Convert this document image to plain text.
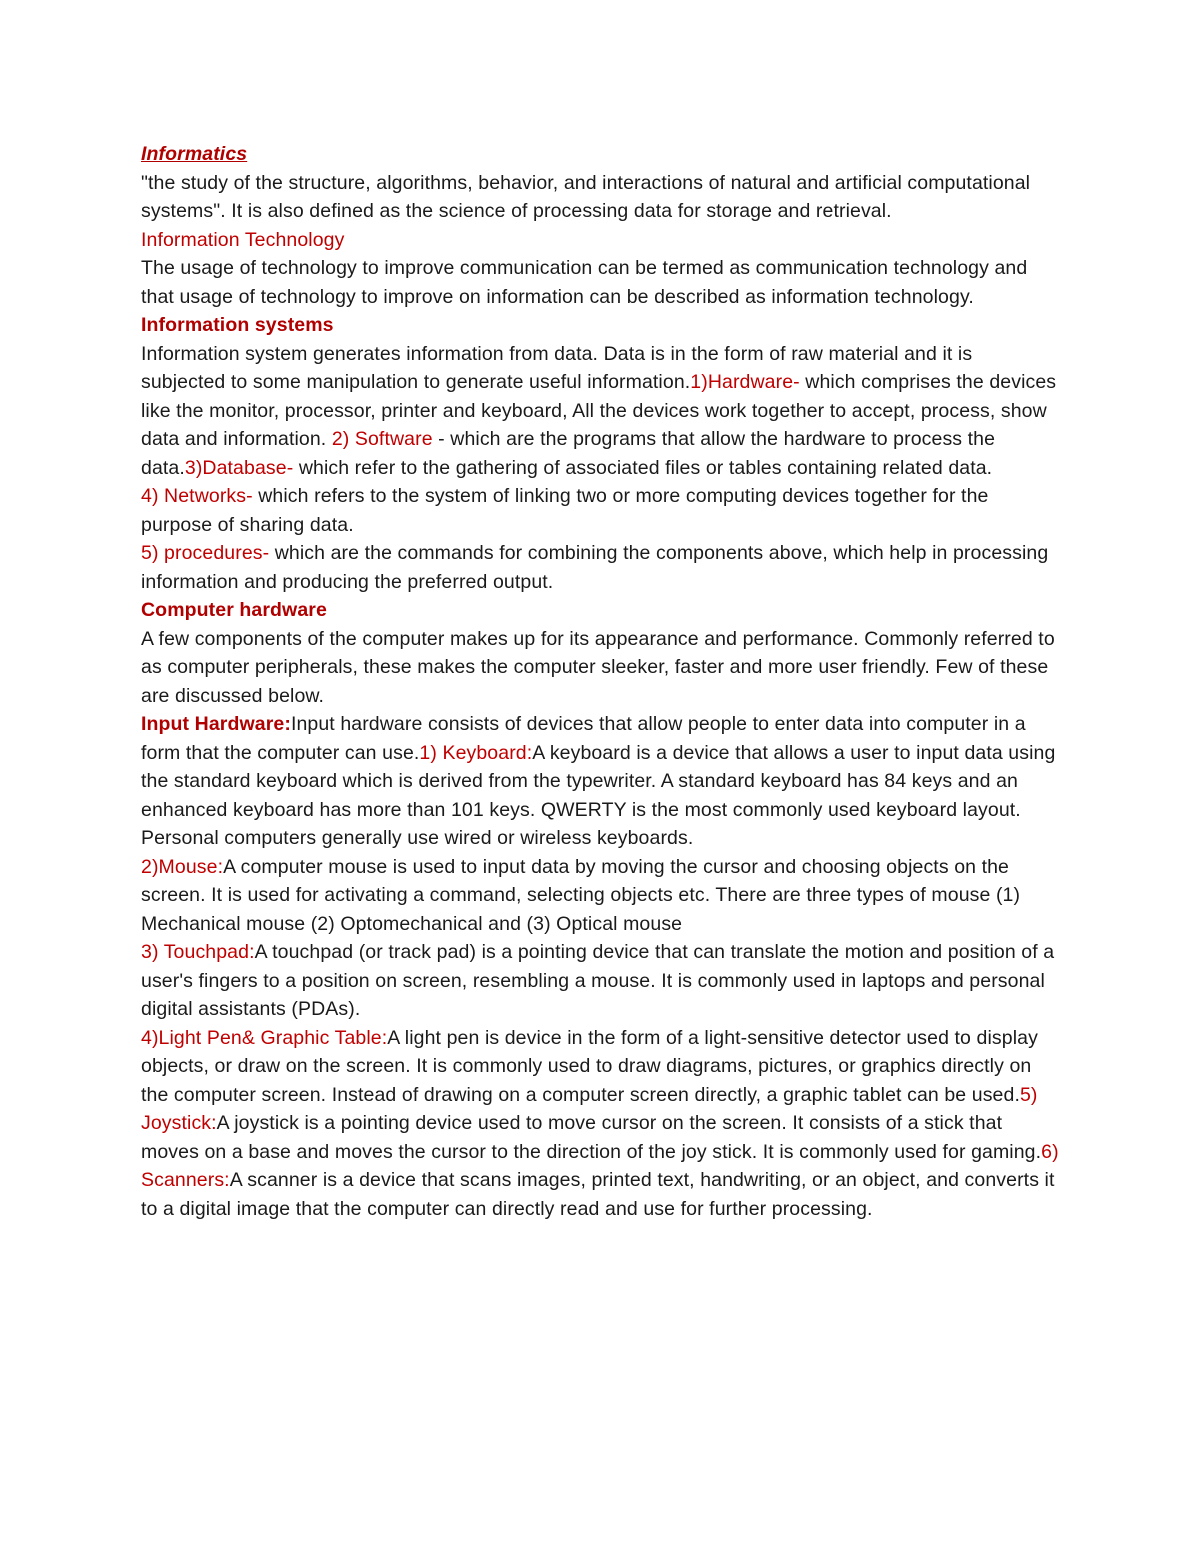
Informatics

"the study of the structure, algorithms, behavior, and interactions of natural and artificial computational systems". It is also defined as the science of processing data for storage and retrieval.

Information Technology

The usage of technology to improve communication can be termed as communication technology and that usage of technology to improve on information can be described as information technology.

Information systems

Information system generates information from data. Data is in the form of raw material and it is subjected to some manipulation to generate useful information.1)Hardware- which comprises the devices like the monitor, processor, printer and keyboard, All the devices work together to accept, process, show data and information. 2) Software - which are the programs that allow the hardware to process the data.3)Database- which refer to the gathering of associated files or tables containing related data.

4) Networks- which refers to the system of linking two or more computing devices together for the purpose of sharing data.

5) procedures- which are the commands for combining the components above, which help in processing information and producing the preferred output.

Computer hardware

A few components of the computer makes up for its appearance and performance. Commonly referred to as computer peripherals, these makes the computer sleeker, faster and more user friendly. Few of these are discussed below.

Input Hardware:Input hardware consists of devices that allow people to enter data into computer in a form that the computer can use.1) Keyboard:A keyboard is a device that allows a user to input data using the standard keyboard which is derived from the typewriter. A standard keyboard has 84 keys and an enhanced keyboard has more than 101 keys. QWERTY is the most commonly used keyboard layout. Personal computers generally use wired or wireless keyboards.

2)Mouse:A computer mouse is used to input data by moving the cursor and choosing objects on the screen. It is used for activating a command, selecting objects etc. There are three types of mouse (1) Mechanical mouse (2) Optomechanical and (3) Optical mouse

3) Touchpad:A touchpad (or track pad) is a pointing device that can translate the motion and position of a user's fingers to a position on screen, resembling a mouse. It is commonly used in laptops and personal digital assistants (PDAs).

4)Light Pen& Graphic Table:A light pen is device in the form of a light-sensitive detector used to display objects, or draw on the screen. It is commonly used to draw diagrams, pictures, or graphics directly on the computer screen. Instead of drawing on a computer screen directly, a graphic tablet can be used.5) Joystick:A joystick is a pointing device used to move cursor on the screen. It consists of a stick that moves on a base and moves the cursor to the direction of the joy stick. It is commonly used for gaming.6) Scanners:A scanner is a device that scans images, printed text, handwriting, or an object, and converts it to a digital image that the computer can directly read and use for further processing.
